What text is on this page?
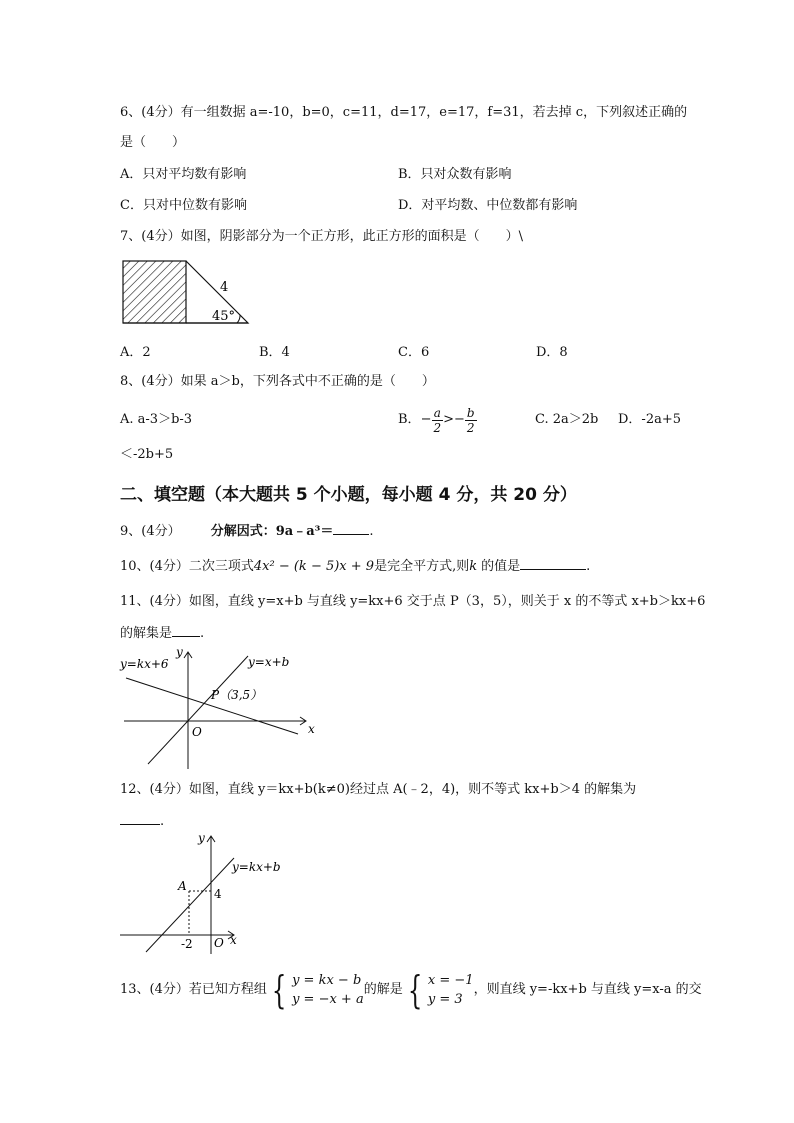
6、(4分）有一组数据 a=-10，b=0，c=11，d=17，e=17，f=31，若去掉 c，下列叙述正确的
是（　　）
A．只对平均数有影响	B．只对众数有影响
C．只对中位数有影响	D．对平均数、中位数都有影响
7、(4分）如图，阴影部分为一个正方形，此正方形的面积是（　　）\
4
45°
A．2	B．4	C．6	D．8
8、(4分）如果 a＞b，下列各式中不正确的是（　　）
A. a-3＞b-3	B． − $\frac{a}{2} >- \frac{b}{2}$	C. 2a＞2b D．-2a+5
＜-2b+5
二、填空题（本大题共 5 个小题，每小题 4 分，共 20 分）
9、(4分） 分解因式：9a﹣a³＝	.
10、(4分）二次三项式4x² − (k − 5)x + 9是完全平方式,则k 的值是	.
11、(4分）如图，直线 y=x+b 与直线 y=kx+6 交于点 P（3，5），则关于 x 的不等式 x+b＞kx+6
的解集是 .
y=kx+6	y=x+b
y
x
O
P（3,5）
12、(4分）如图，直线 y＝kx+b(k≠0)经过点 A(﹣2，4)，则不等式 kx+b＞4 的解集为
.
y=kx+b
y
x
O
A
4
-2
13、(4分）若已知方程组 { y = kx − b
y = −x + a
的解是 { x = −1
y = 3
，则直线 y=-kx+b 与直线 y=x-a 的交
